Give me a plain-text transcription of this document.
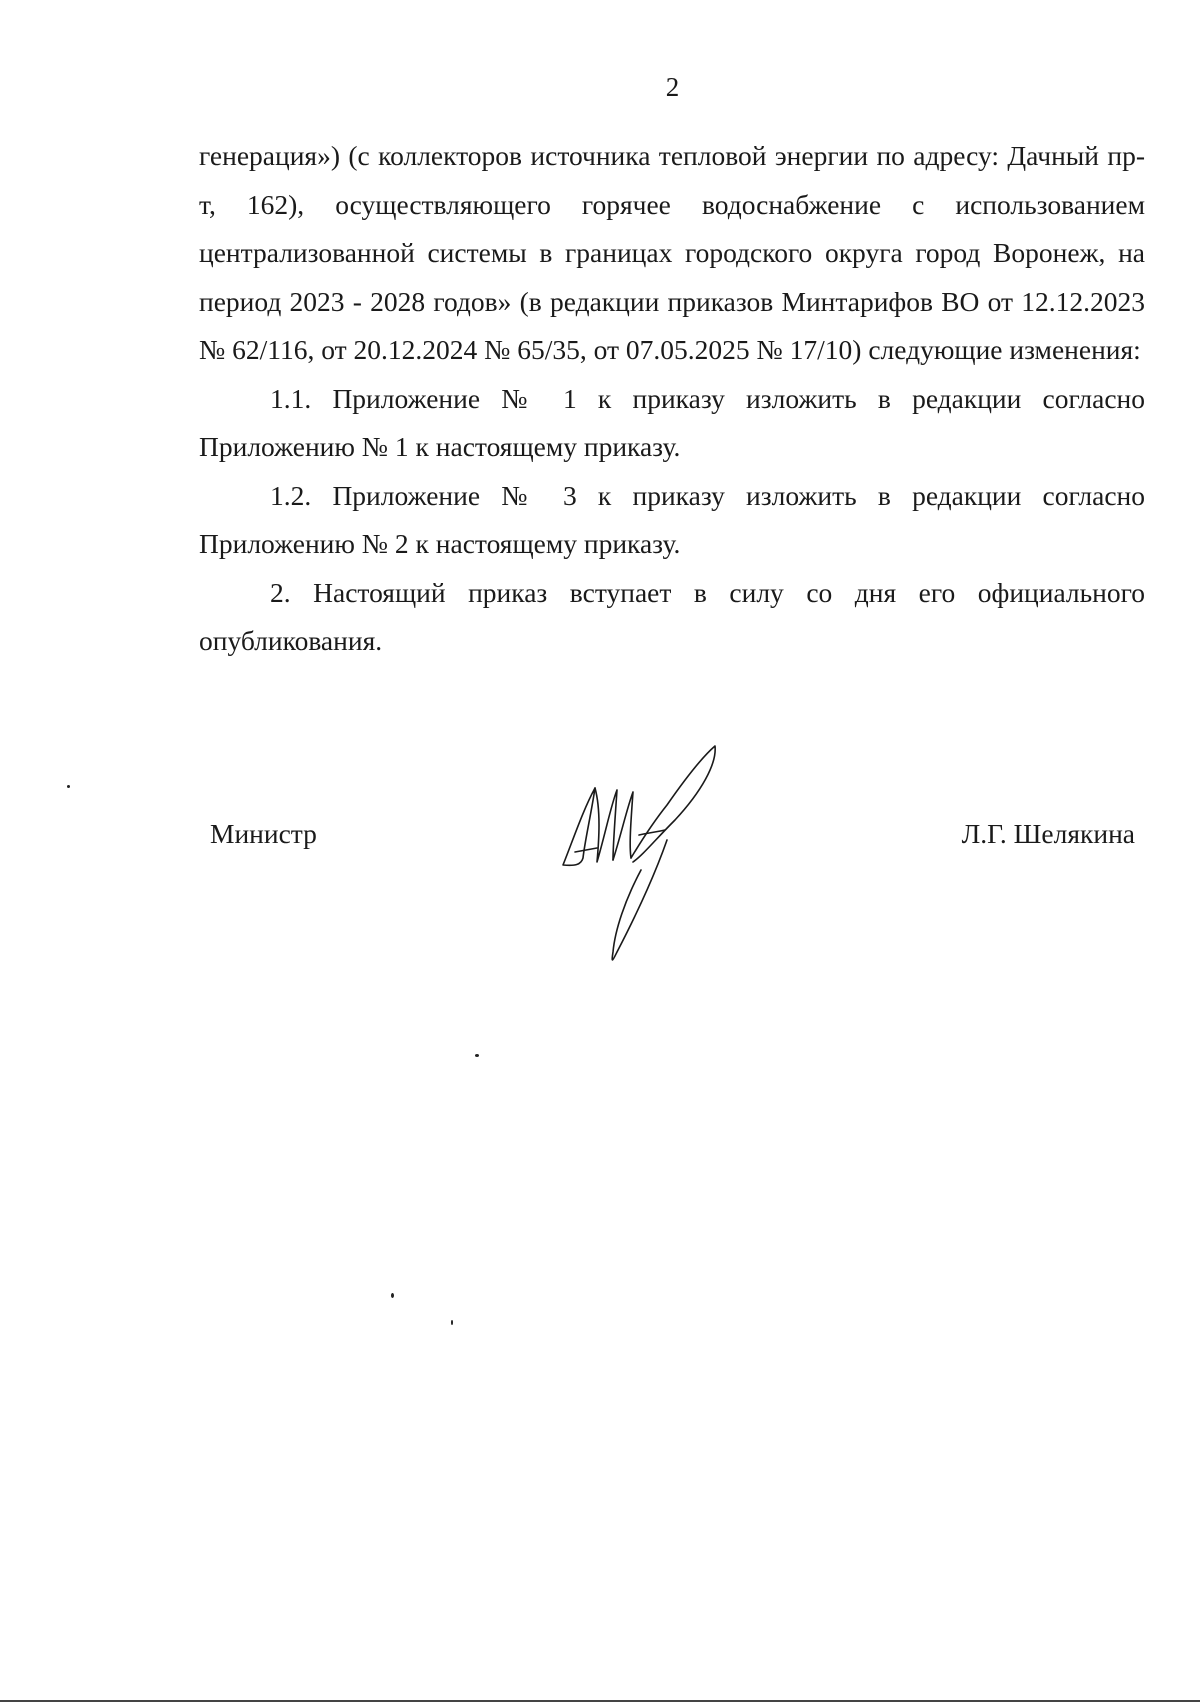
2

генерация») (с коллекторов источника тепловой энергии по адресу: Дачный пр-т, 162), осуществляющего горячее водоснабжение с использованием централизованной системы в границах городского округа город Воронеж, на период 2023 - 2028 годов» (в редакции приказов Минтарифов ВО от 12.12.2023 № 62/116, от 20.12.2024 № 65/35, от 07.05.2025 № 17/10) следующие изменения:

1.1. Приложение № 1 к приказу изложить в редакции согласно Приложению № 1 к настоящему приказу.

1.2. Приложение № 3 к приказу изложить в редакции согласно Приложению № 2 к настоящему приказу.

2. Настоящий приказ вступает в силу со дня его официального опубликования.

Министр	Л.Г. Шелякина
